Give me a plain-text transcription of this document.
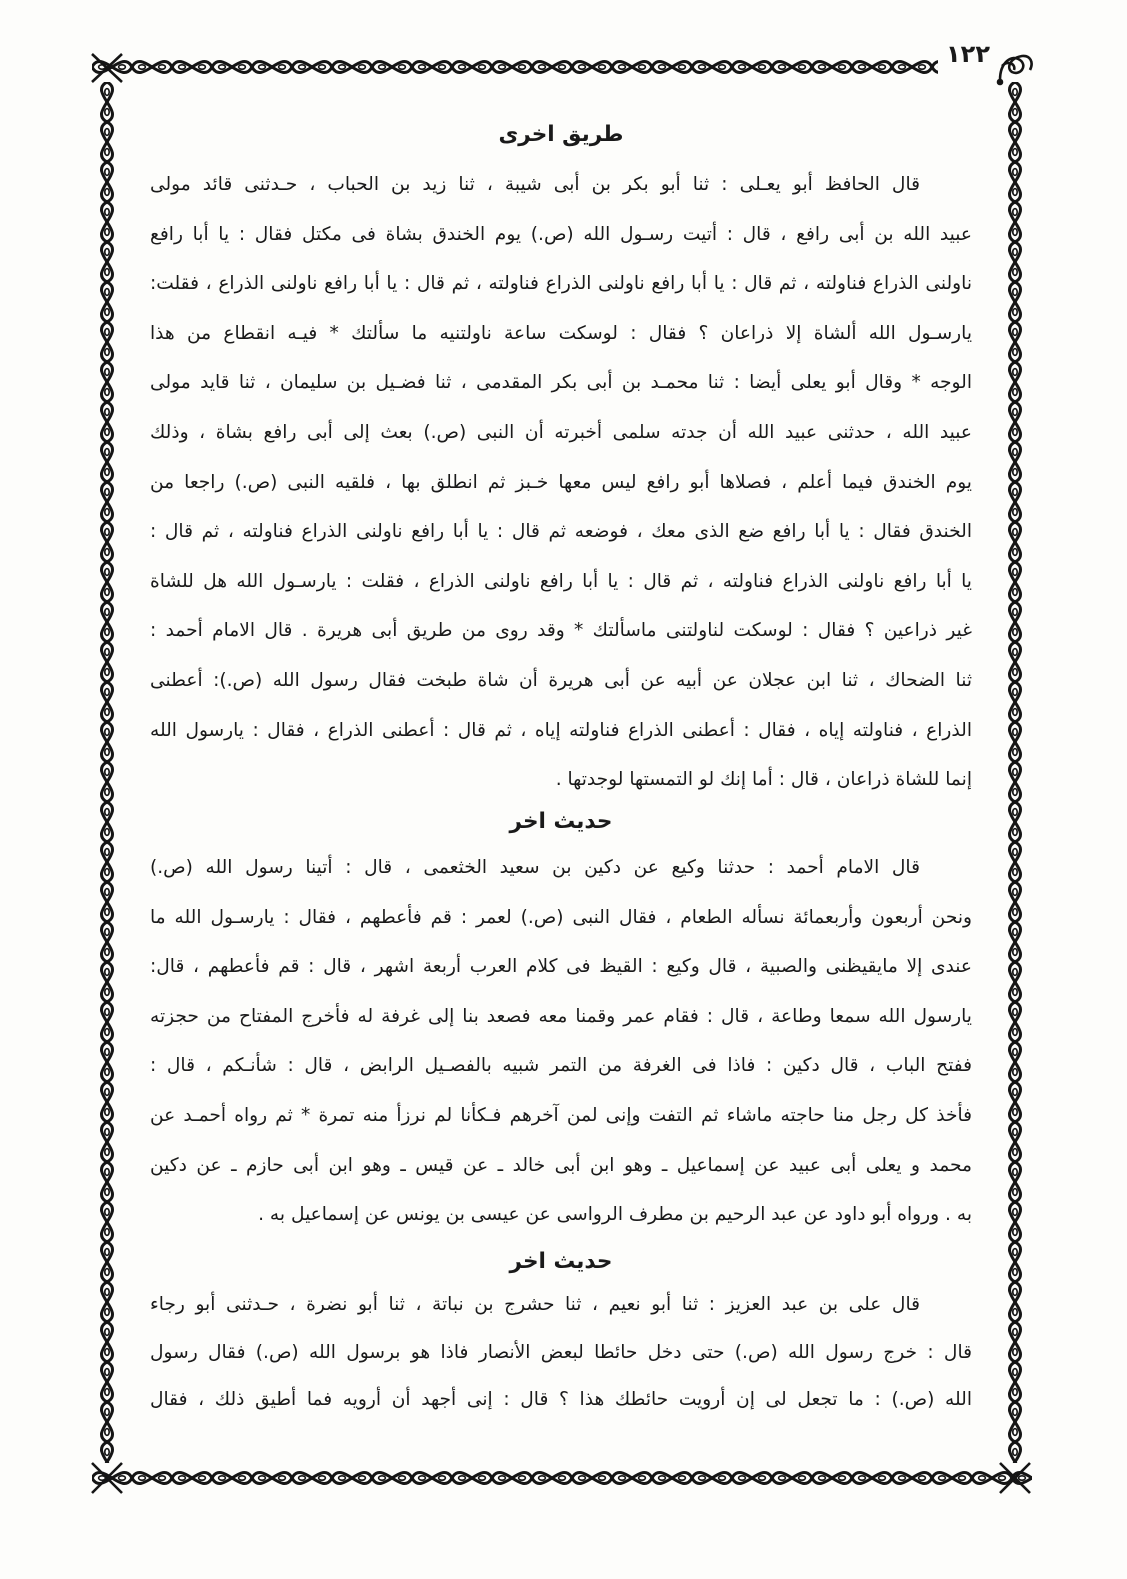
١٢٢
طريق اخرى
قال الحافظ أبو يعـلى : ثنا أبو بكر بن أبى شيبة ، ثنا زيد بن الحباب ، حـدثنى قائد مولى
عبيد الله بن أبى رافع ، قال : أتيت رسـول الله (ص.) يوم الخندق بشاة فى مكتل فقال : يا أبا رافع
ناولنى الذراع فناولته ، ثم قال : يا أبا رافع ناولنى الذراع فناولته ، ثم قال : يا أبا رافع ناولنى الذراع ، فقلت:
يارسـول الله ألشاة إلا ذراعان ؟ فقال : لوسكت ساعة ناولتنيه ما سألتك * فيـه انقطاع من هذا
الوجه * وقال أبو يعلى أيضا : ثنا محمـد بن أبى بكر المقدمى ، ثنا فضـيل بن سليمان ، ثنا قايد مولى
عبيد الله ، حدثنى عبيد الله أن جدته سلمى أخبرته أن النبى (ص.) بعث إلى أبى رافع بشاة ، وذلك
يوم الخندق فيما أعلم ، فصلاها أبو رافع ليس معها خـبز ثم انطلق بها ، فلقيه النبى (ص.) راجعا من
الخندق فقال : يا أبا رافع ضع الذى معك ، فوضعه ثم قال : يا أبا رافع ناولنى الذراع فناولته ، ثم قال :
يا أبا رافع ناولنى الذراع فناولته ، ثم قال : يا أبا رافع ناولنى الذراع ، فقلت : يارسـول الله هل للشاة
غير ذراعين ؟ فقال : لوسكت لناولتنى ماسألتك * وقد روى من طريق أبى هريرة . قال الامام أحمد :
ثنا الضحاك ، ثنا ابن عجلان عن أبيه عن أبى هريرة أن شاة طبخت فقال رسول الله (ص.): أعطنى
الذراع ، فناولته إياه ، فقال : أعطنى الذراع فناولته إياه ، ثم قال : أعطنى الذراع ، فقال : يارسول الله
إنما للشاة ذراعان ، قال : أما إنك لو التمستها لوجدتها .
حديث اخر
قال الامام أحمد : حدثنا وكيع عن دكين بن سعيد الخثعمى ، قال : أتينا رسول الله (ص.)
ونحن أربعون وأربعمائة نسأله الطعام ، فقال النبى (ص.) لعمر : قم فأعطهم ، فقال : يارسـول الله ما
عندى إلا مايقيظنى والصبية ، قال وكيع : القيظ فى كلام العرب أربعة اشهر ، قال : قم فأعطهم ، قال:
يارسول الله سمعا وطاعة ، قال : فقام عمر وقمنا معه فصعد بنا إلى غرفة له فأخرج المفتاح من حجزته
ففتح الباب ، قال دكين : فاذا فى الغرفة من التمر شبيه بالفصـيل الرابض ، قال : شأنـكم ، قال :
فأخذ كل رجل منا حاجته ماشاء ثم التفت وإنى لمن آخرهم فـكأنا لم نرزأ منه تمرة * ثم رواه أحمـد عن
محمد و يعلى أبى عبيد عن إسماعيل ـ وهو ابن أبى خالد ـ عن قيس ـ وهو ابن أبى حازم ـ عن دكين
به . ورواه أبو داود عن عبد الرحيم بن مطرف الرواسى عن عيسى بن يونس عن إسماعيل به .
حديث اخر
قال على بن عبد العزيز : ثنا أبو نعيم ، ثنا حشرج بن نباتة ، ثنا أبو نضرة ، حـدثنى أبو رجاء
قال : خرج رسول الله (ص.) حتى دخل حائطا لبعض الأنصار فاذا هو برسول الله (ص.) فقال رسول
الله (ص.) : ما تجعل لى إن أرويت حائطك هذا ؟ قال : إنى أجهد أن أرويه فما أطيق ذلك ، فقال
